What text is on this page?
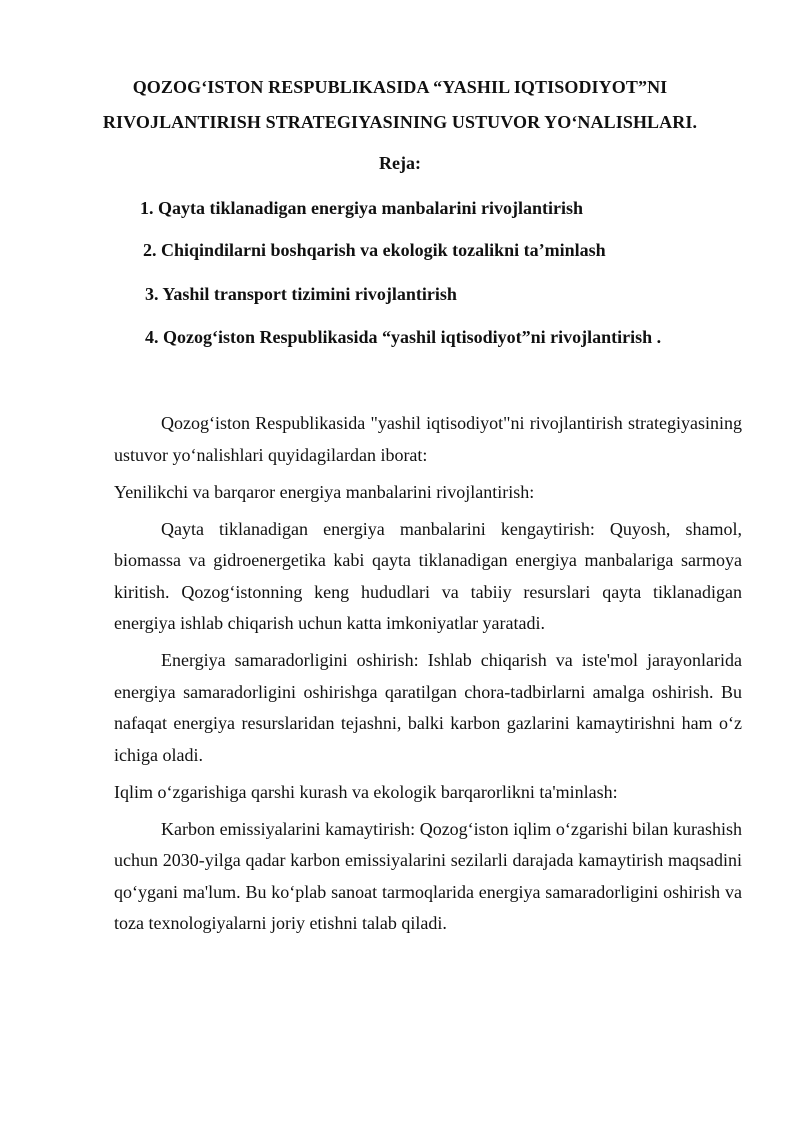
QOZOG‘ISTON RESPUBLIKASIDA “YASHIL IQTISODIYOT”NI
RIVOJLANTIRISH STRATEGIYASINING USTUVOR YO‘NALISHLARI.
Reja:
1. Qayta tiklanadigan energiya manbalarini rivojlantirish
2. Chiqindilarni boshqarish va ekologik tozalikni ta’minlash
3. Yashil transport tizimini rivojlantirish
4. Qozog‘iston Respublikasida “yashil iqtisodiyot”ni rivojlantirish .

Qozog‘iston Respublikasida "yashil iqtisodiyot"ni rivojlantirish strategiyasining ustuvor yo‘nalishlari quyidagilardan iborat:

Yenilikchi va barqaror energiya manbalarini rivojlantirish:

Qayta tiklanadigan energiya manbalarini kengaytirish: Quyosh, shamol, biomassa va gidroenergetika kabi qayta tiklanadigan energiya manbalariga sarmoya kiritish. Qozog‘istonning keng hududlari va tabiiy resurslari qayta tiklanadigan energiya ishlab chiqarish uchun katta imkoniyatlar yaratadi.

Energiya samaradorligini oshirish: Ishlab chiqarish va iste'mol jarayonlarida energiya samaradorligini oshirishga qaratilgan chora-tadbirlarni amalga oshirish. Bu nafaqat energiya resurslaridan tejashni, balki karbon gazlarini kamaytirishni ham o‘z ichiga oladi.

Iqlim o‘zgarishiga qarshi kurash va ekologik barqarorlikni ta'minlash:

Karbon emissiyalarini kamaytirish: Qozog‘iston iqlim o‘zgarishi bilan kurashish uchun 2030-yilga qadar karbon emissiyalarini sezilarli darajada kamaytirish maqsadini qo‘ygani ma'lum. Bu ko‘plab sanoat tarmoqlarida energiya samaradorligini oshirish va toza texnologiyalarni joriy etishni talab qiladi.
